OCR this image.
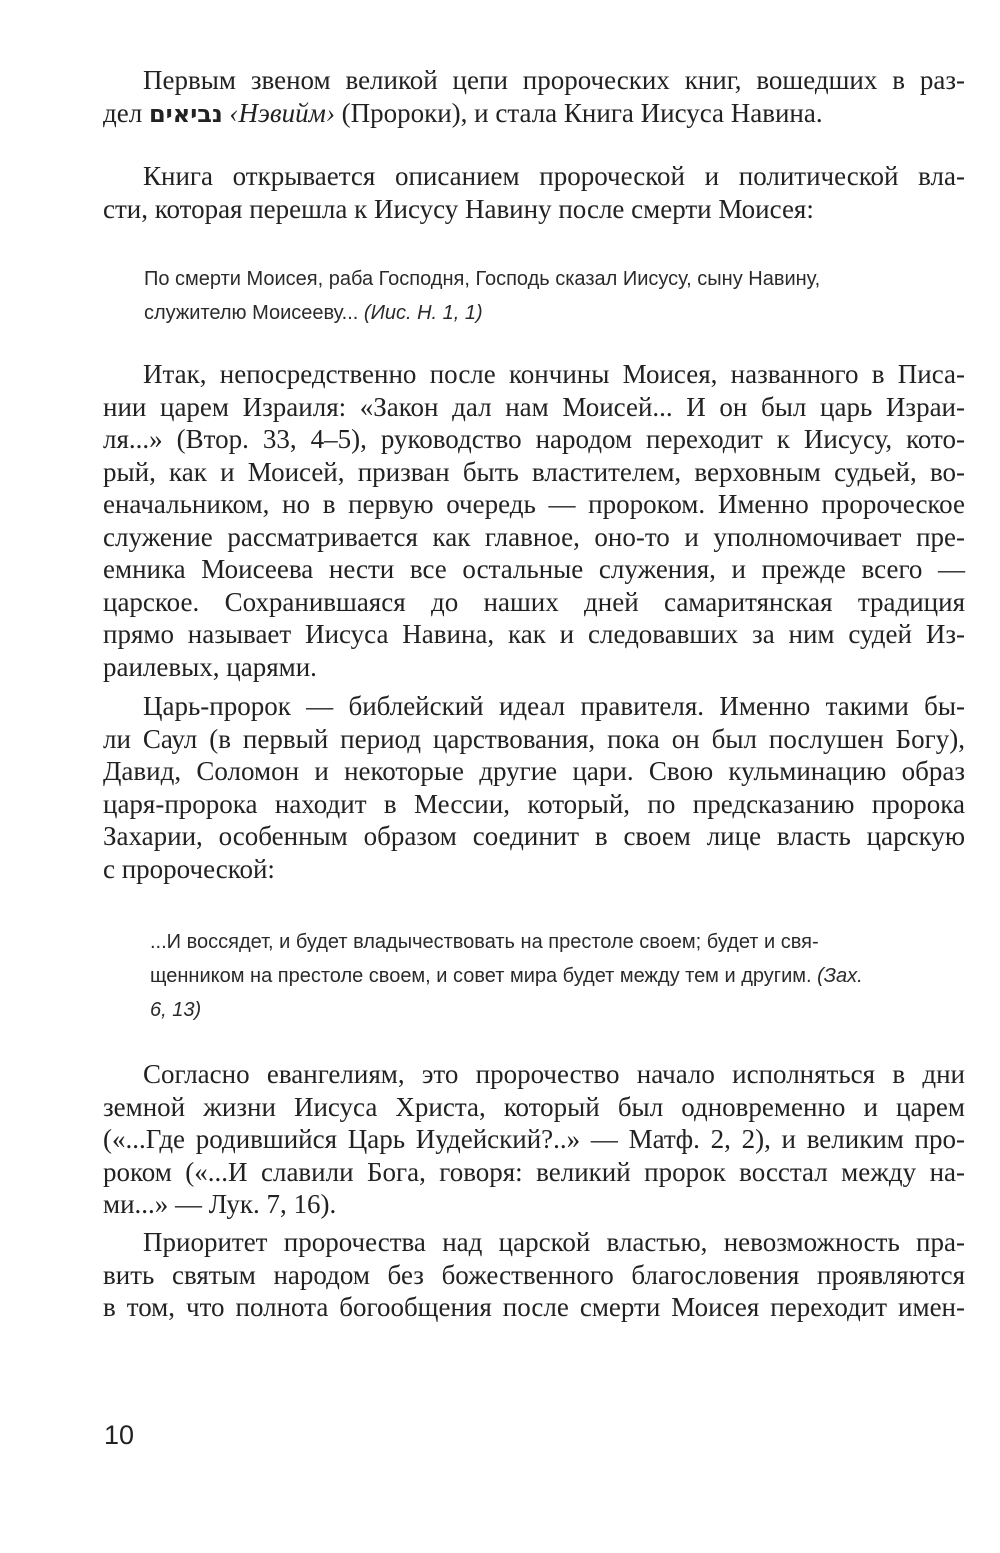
Первым звеном великой цепи пророческих книг, вошедших в раз-
дел נביאים ‹Нэвийм› (Пророки), и стала Книга Иисуса Навина.
Книга открывается описанием пророческой и политической вла-
сти, которая перешла к Иисусу Навину после смерти Моисея:
По смерти Моисея, раба Господня, Господь сказал Иисусу, сыну Навину,
служителю Моисееву... (Иис. Н. 1, 1)
Итак, непосредственно после кончины Моисея, названного в Писа-
нии царем Израиля: «Закон дал нам Моисей... И он был царь Израи-
ля...» (Втор. 33, 4–5), руководство народом переходит к Иисусу, кото-
рый, как и Моисей, призван быть властителем, верховным судьей, во-
еначальником, но в первую очередь — пророком. Именно пророческое
служение рассматривается как главное, оно-то и уполномочивает пре-
емника Моисеева нести все остальные служения, и прежде всего —
царское. Сохранившаяся до наших дней самаритянская традиция
прямо называет Иисуса Навина, как и следовавших за ним судей Из-
раилевых, царями.
Царь-пророк — библейский идеал правителя. Именно такими бы-
ли Саул (в первый период царствования, пока он был послушен Богу),
Давид, Соломон и некоторые другие цари. Свою кульминацию образ
царя-пророка находит в Мессии, который, по предсказанию пророка
Захарии, особенным образом соединит в своем лице власть царскую
с пророческой:
...И воссядет, и будет владычествовать на престоле своем; будет и свя-
щенником на престоле своем, и совет мира будет между тем и другим. (Зах.
6, 13)
Согласно евангелиям, это пророчество начало исполняться в дни
земной жизни Иисуса Христа, который был одновременно и царем
(«...Где родившийся Царь Иудейский?..» — Матф. 2, 2), и великим про-
роком («...И славили Бога, говоря: великий пророк восстал между на-
ми...» — Лук. 7, 16).
Приоритет пророчества над царской властью, невозможность пра-
вить святым народом без божественного благословения проявляются
в том, что полнота богообщения после смерти Моисея переходит имен-
10
